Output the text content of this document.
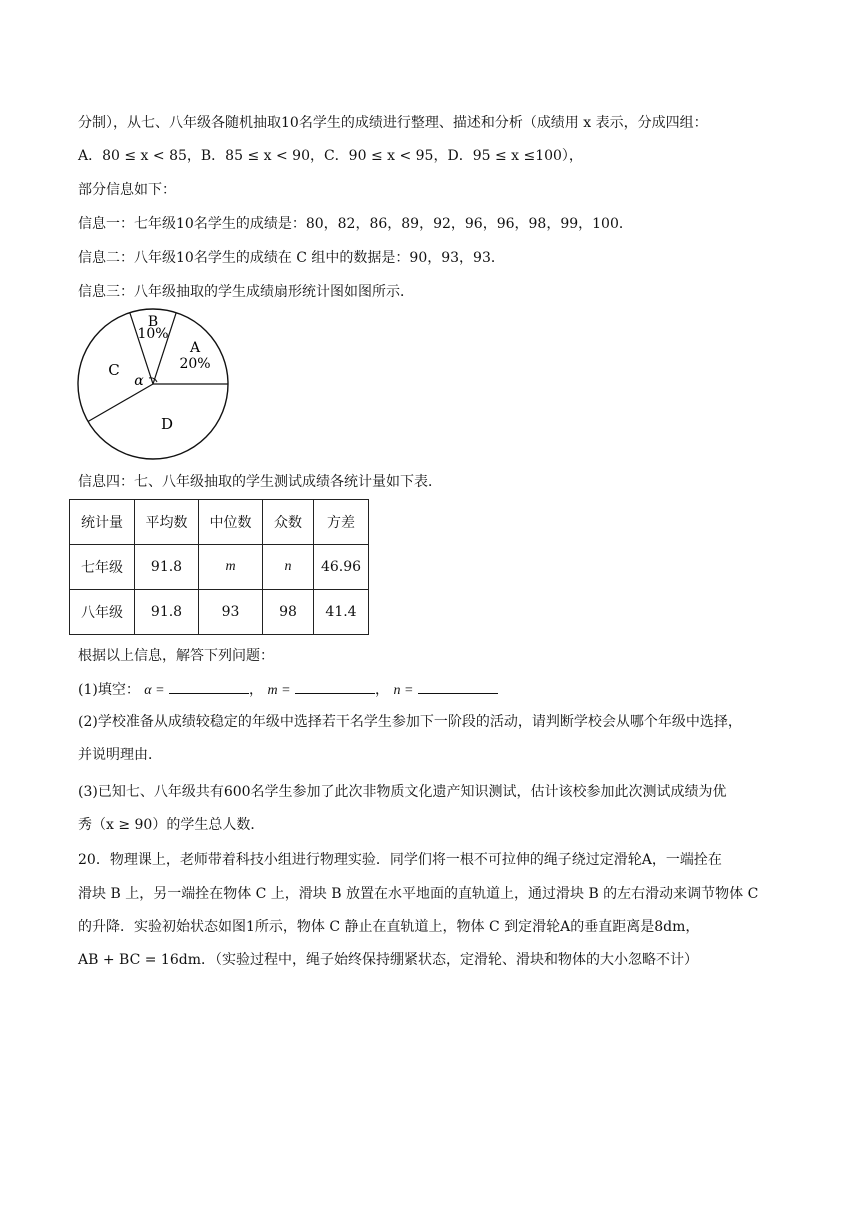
分制），从七、八年级各随机抽取10名学生的成绩进行整理、描述和分析（成绩用 x 表示，分成四组：
A．80 ≤ x < 85，B．85 ≤ x < 90，C．90 ≤ x < 95，D．95 ≤ x ≤100），
部分信息如下：
信息一：七年级10名学生的成绩是：80，82，86，89，92，96，96，98，99，100．
信息二：八年级10名学生的成绩在 C 组中的数据是：90，93，93．
信息三：八年级抽取的学生成绩扇形统计图如图所示．
B
10%
A
20%
C
D
α
信息四：七、八年级抽取的学生测试成绩各统计量如下表．
统计量	平均数	中位数	众数	方差
七年级	91.8	m	n	46.96
八年级	91.8	93	98	41.4
根据以上信息，解答下列问题：
(1)填空： α =	， m =	， n =
(2)学校准备从成绩较稳定的年级中选择若干名学生参加下一阶段的活动，请判断学校会从哪个年级中选择，
并说明理由．
(3)已知七、八年级共有600名学生参加了此次非物质文化遗产知识测试，估计该校参加此次测试成绩为优
秀（x ≥ 90）的学生总人数．
20．物理课上，老师带着科技小组进行物理实验．同学们将一根不可拉伸的绳子绕过定滑轮A，一端拴在
滑块 B 上，另一端拴在物体 C 上，滑块 B 放置在水平地面的直轨道上，通过滑块 B 的左右滑动来调节物体 C
的升降．实验初始状态如图1所示，物体 C 静止在直轨道上，物体 C 到定滑轮A的垂直距离是8dm，
AB + BC = 16dm．（实验过程中，绳子始终保持绷紧状态，定滑轮、滑块和物体的大小忽略不计）
